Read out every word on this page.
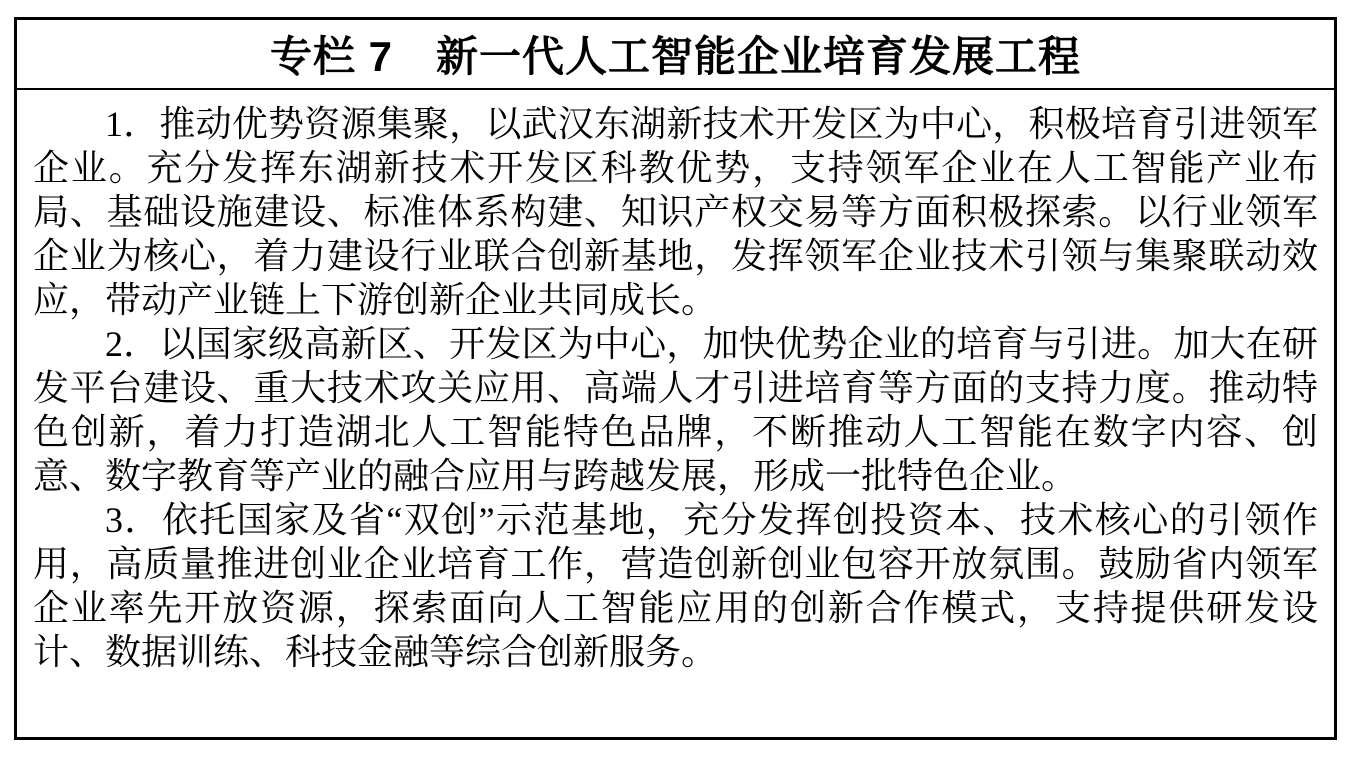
专栏 7　新一代人工智能企业培育发展工程

1．推动优势资源集聚，以武汉东湖新技术开发区为中心，积极培育引进领军企业。充分发挥东湖新技术开发区科教优势，支持领军企业在人工智能产业布局、基础设施建设、标准体系构建、知识产权交易等方面积极探索。以行业领军企业为核心，着力建设行业联合创新基地，发挥领军企业技术引领与集聚联动效应，带动产业链上下游创新企业共同成长。

2．以国家级高新区、开发区为中心，加快优势企业的培育与引进。加大在研发平台建设、重大技术攻关应用、高端人才引进培育等方面的支持力度。推动特色创新，着力打造湖北人工智能特色品牌，不断推动人工智能在数字内容、创意、数字教育等产业的融合应用与跨越发展，形成一批特色企业。

3．依托国家及省“双创”示范基地，充分发挥创投资本、技术核心的引领作用，高质量推进创业企业培育工作，营造创新创业包容开放氛围。鼓励省内领军企业率先开放资源，探索面向人工智能应用的创新合作模式，支持提供研发设计、数据训练、科技金融等综合创新服务。
